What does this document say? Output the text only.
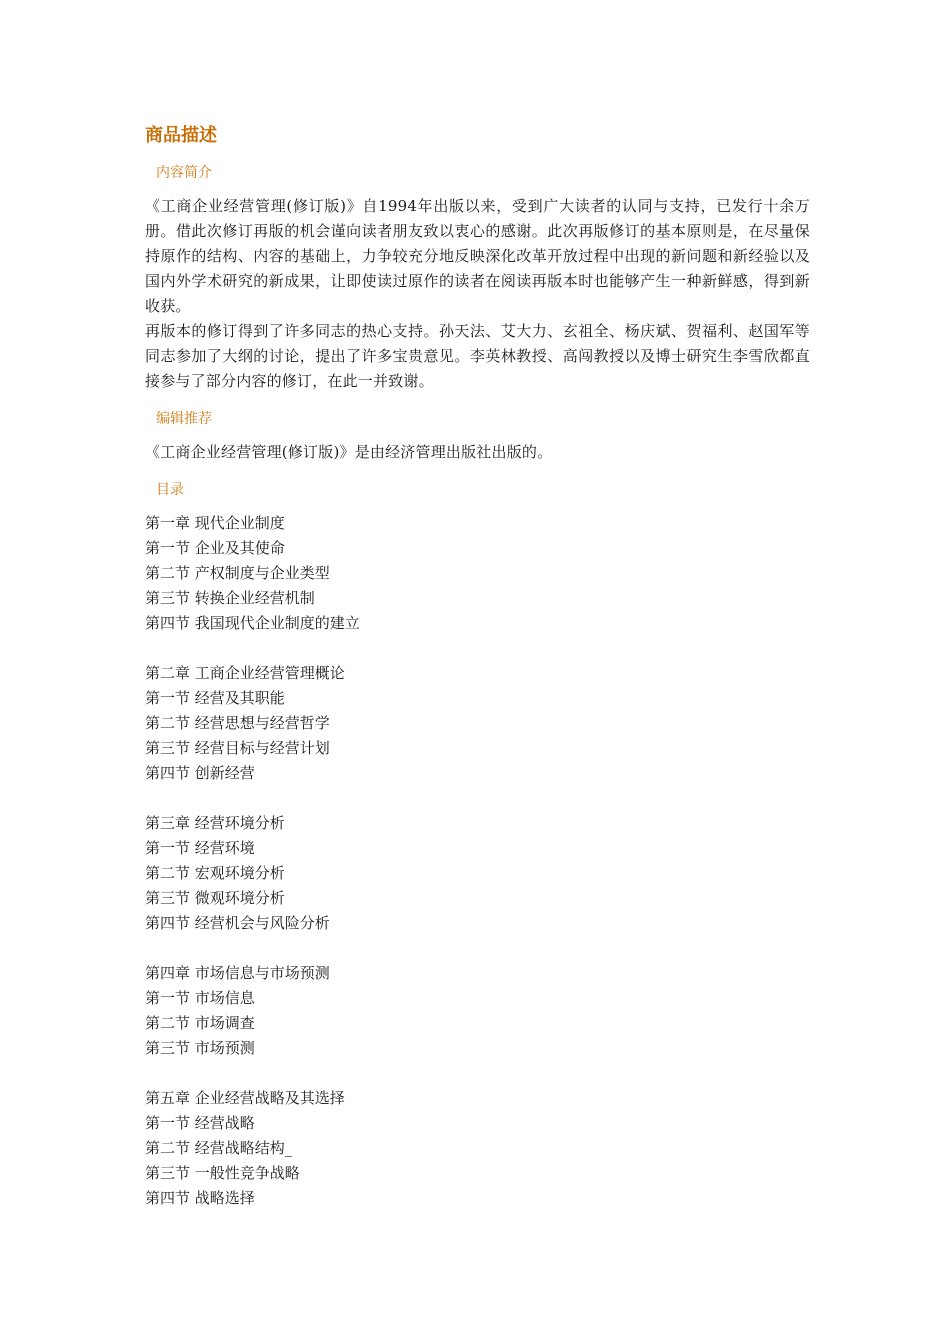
商品描述
内容简介

《工商企业经营管理(修订版)》自1994年出版以来，受到广大读者的认同与支持，已发行十余万册。借此次修订再版的机会谨向读者朋友致以衷心的感谢。此次再版修订的基本原则是，在尽量保持原作的结构、内容的基础上，力争较充分地反映深化改革开放过程中出现的新问题和新经验以及国内外学术研究的新成果，让即使读过原作的读者在阅读再版本时也能够产生一种新鲜感，得到新收获。

再版本的修订得到了许多同志的热心支持。孙天法、艾大力、玄祖全、杨庆斌、贺福利、赵国军等同志参加了大纲的讨论，提出了许多宝贵意见。李英林教授、高闯教授以及博士研究生李雪欣都直接参与了部分内容的修订，在此一并致谢。

编辑推荐

《工商企业经营管理(修订版)》是由经济管理出版社出版的。

目录
第一章 现代企业制度
第一节 企业及其使命
第二节 产权制度与企业类型
第三节 转换企业经营机制
第四节 我国现代企业制度的建立
第二章 工商企业经营管理概论
第一节 经营及其职能
第二节 经营思想与经营哲学
第三节 经营目标与经营计划
第四节 创新经营
第三章 经营环境分析
第一节 经营环境
第二节 宏观环境分析
第三节 微观环境分析
第四节 经营机会与风险分析
第四章 市场信息与市场预测
第一节 市场信息
第二节 市场调查
第三节 市场预测
第五章 企业经营战略及其选择
第一节 经营战略
第二节 经营战略结构_
第三节 一般性竞争战略
第四节 战略选择
